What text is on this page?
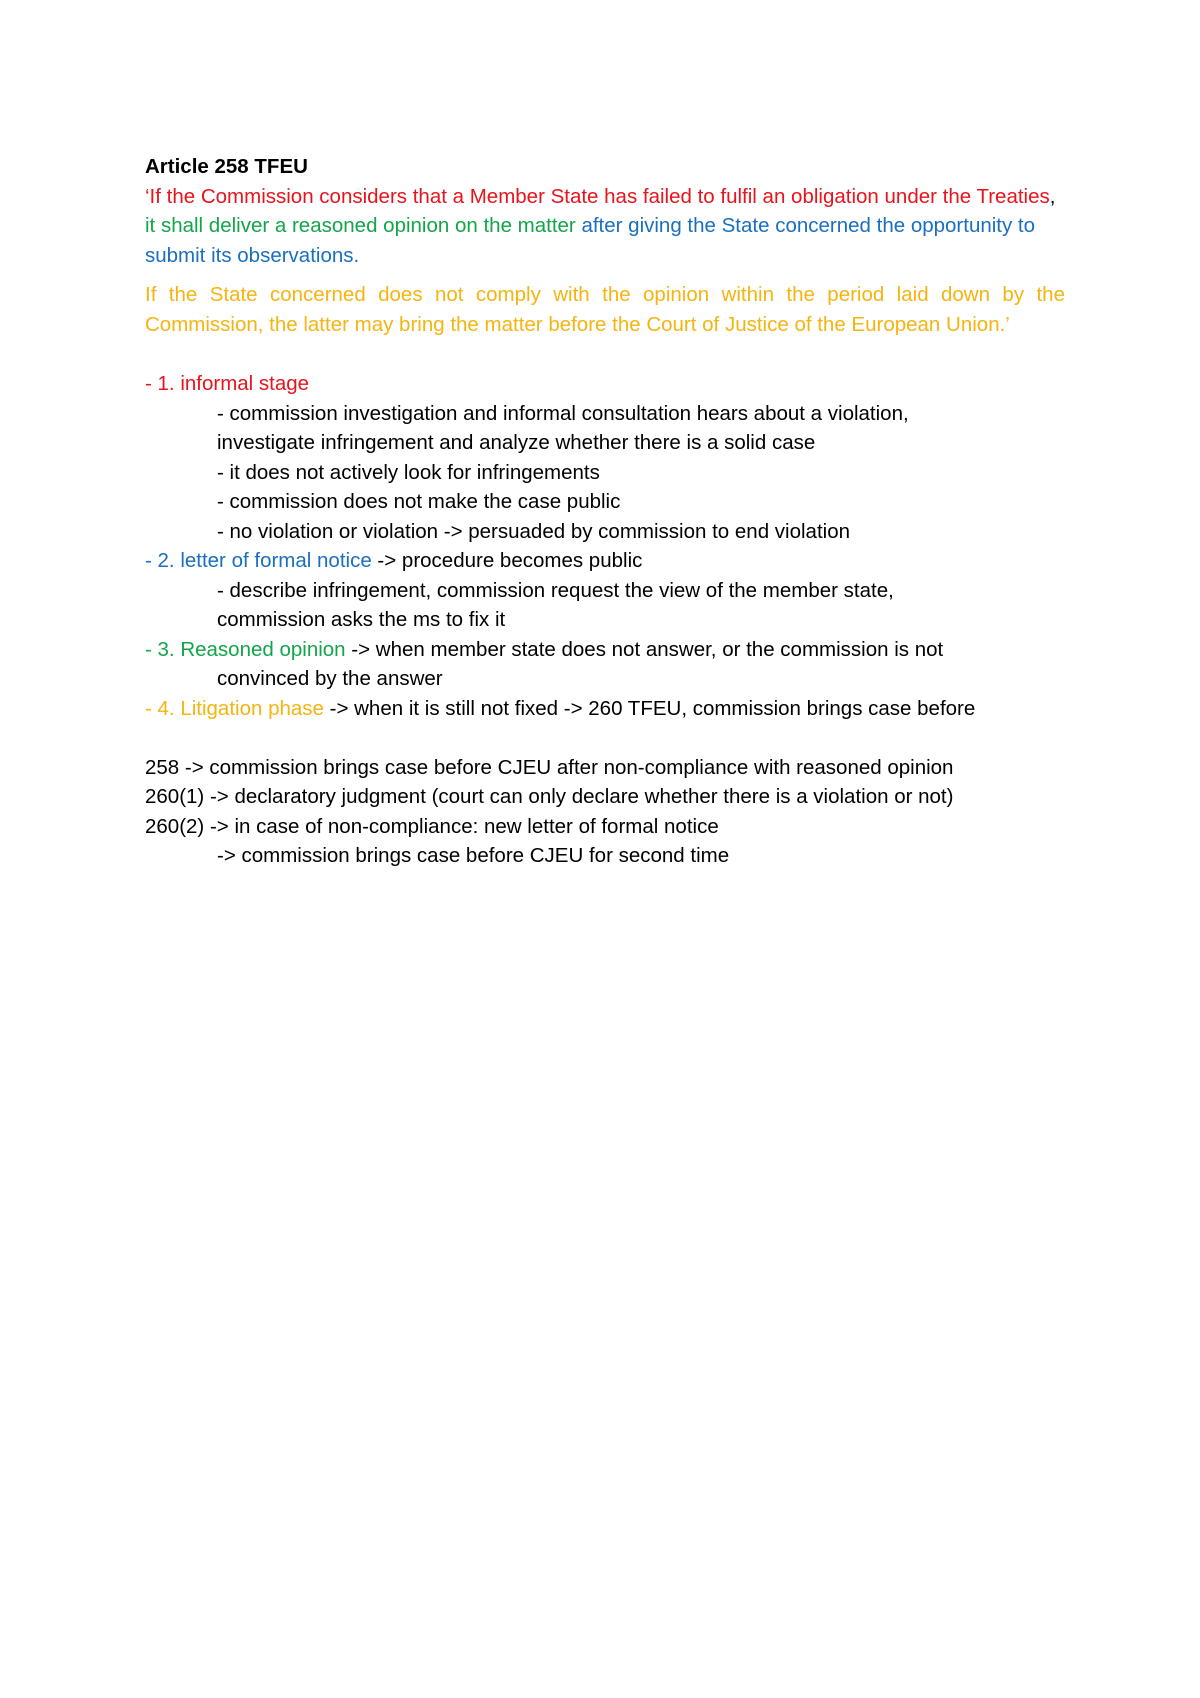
Article 258 TFEU

‘If the Commission considers that a Member State has failed to fulfil an obligation under the Treaties, it shall deliver a reasoned opinion on the matter after giving the State concerned the opportunity to submit its observations.

If the State concerned does not comply with the opinion within the period laid down by the Commission, the latter may bring the matter before the Court of Justice of the European Union.’

- 1. informal stage
- commission investigation and informal consultation hears about a violation,
investigate infringement and analyze whether there is a solid case
- it does not actively look for infringements
- commission does not make the case public
- no violation or violation -> persuaded by commission to end violation
- 2. letter of formal notice -> procedure becomes public
- describe infringement, commission request the view of the member state,
commission asks the ms to fix it
- 3. Reasoned opinion -> when member state does not answer, or the commission is not
convinced by the answer
- 4. Litigation phase -> when it is still not fixed -> 260 TFEU, commission brings case before
258 -> commission brings case before CJEU after non-compliance with reasoned opinion
260(1) -> declaratory judgment (court can only declare whether there is a violation or not)
260(2) -> in case of non-compliance: new letter of formal notice
-> commission brings case before CJEU for second time
